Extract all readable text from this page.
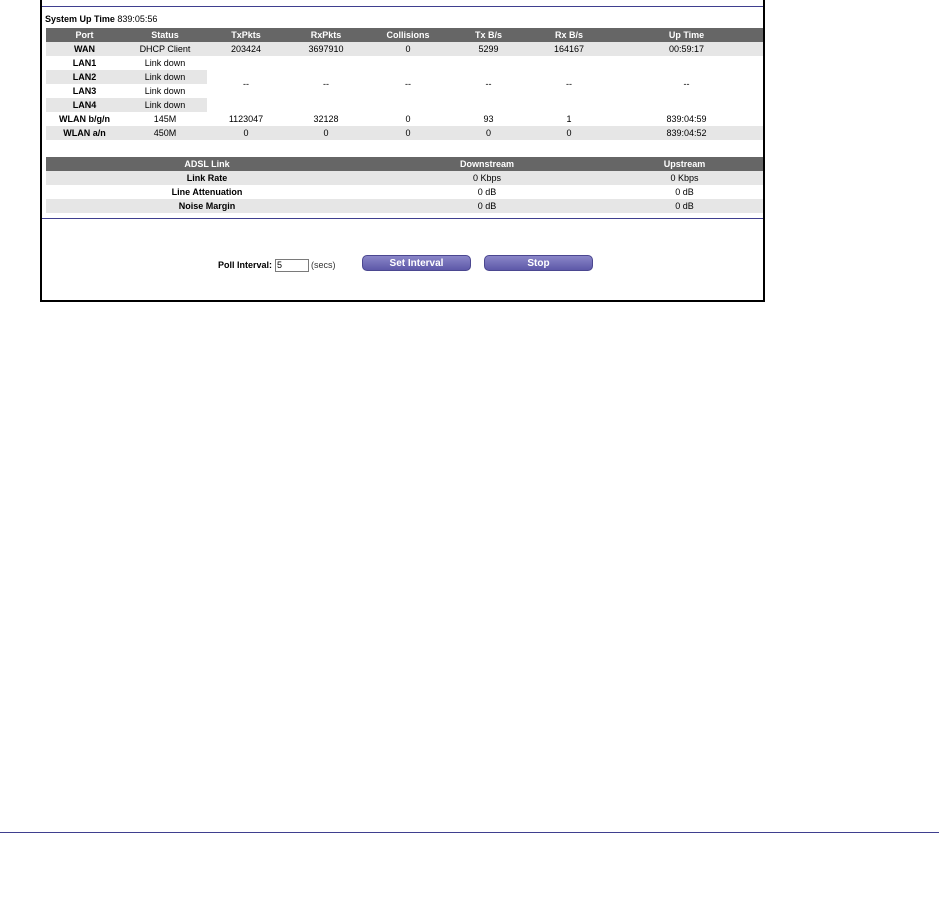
System Up Time 839:05:56
Port	Status	TxPkts	RxPkts	Collisions	Tx B/s	Rx B/s	Up Time
WAN	DHCP Client	203424	3697910	0	5299	164167	00:59:17
LAN1	Link down	--	--	--	--	--	--
LAN2	Link down						
LAN3	Link down						
LAN4	Link down						
WLAN b/g/n	145M	1123047	32128	0	93	1	839:04:59
WLAN a/n	450M	0	0	0	0	0	839:04:52
ADSL Link	Downstream	Upstream
Link Rate	0 Kbps	0 Kbps
Line Attenuation	0 dB	0 dB
Noise Margin	0 dB	0 dB
Poll Interval:
5	(secs)	Set Interval	Stop
